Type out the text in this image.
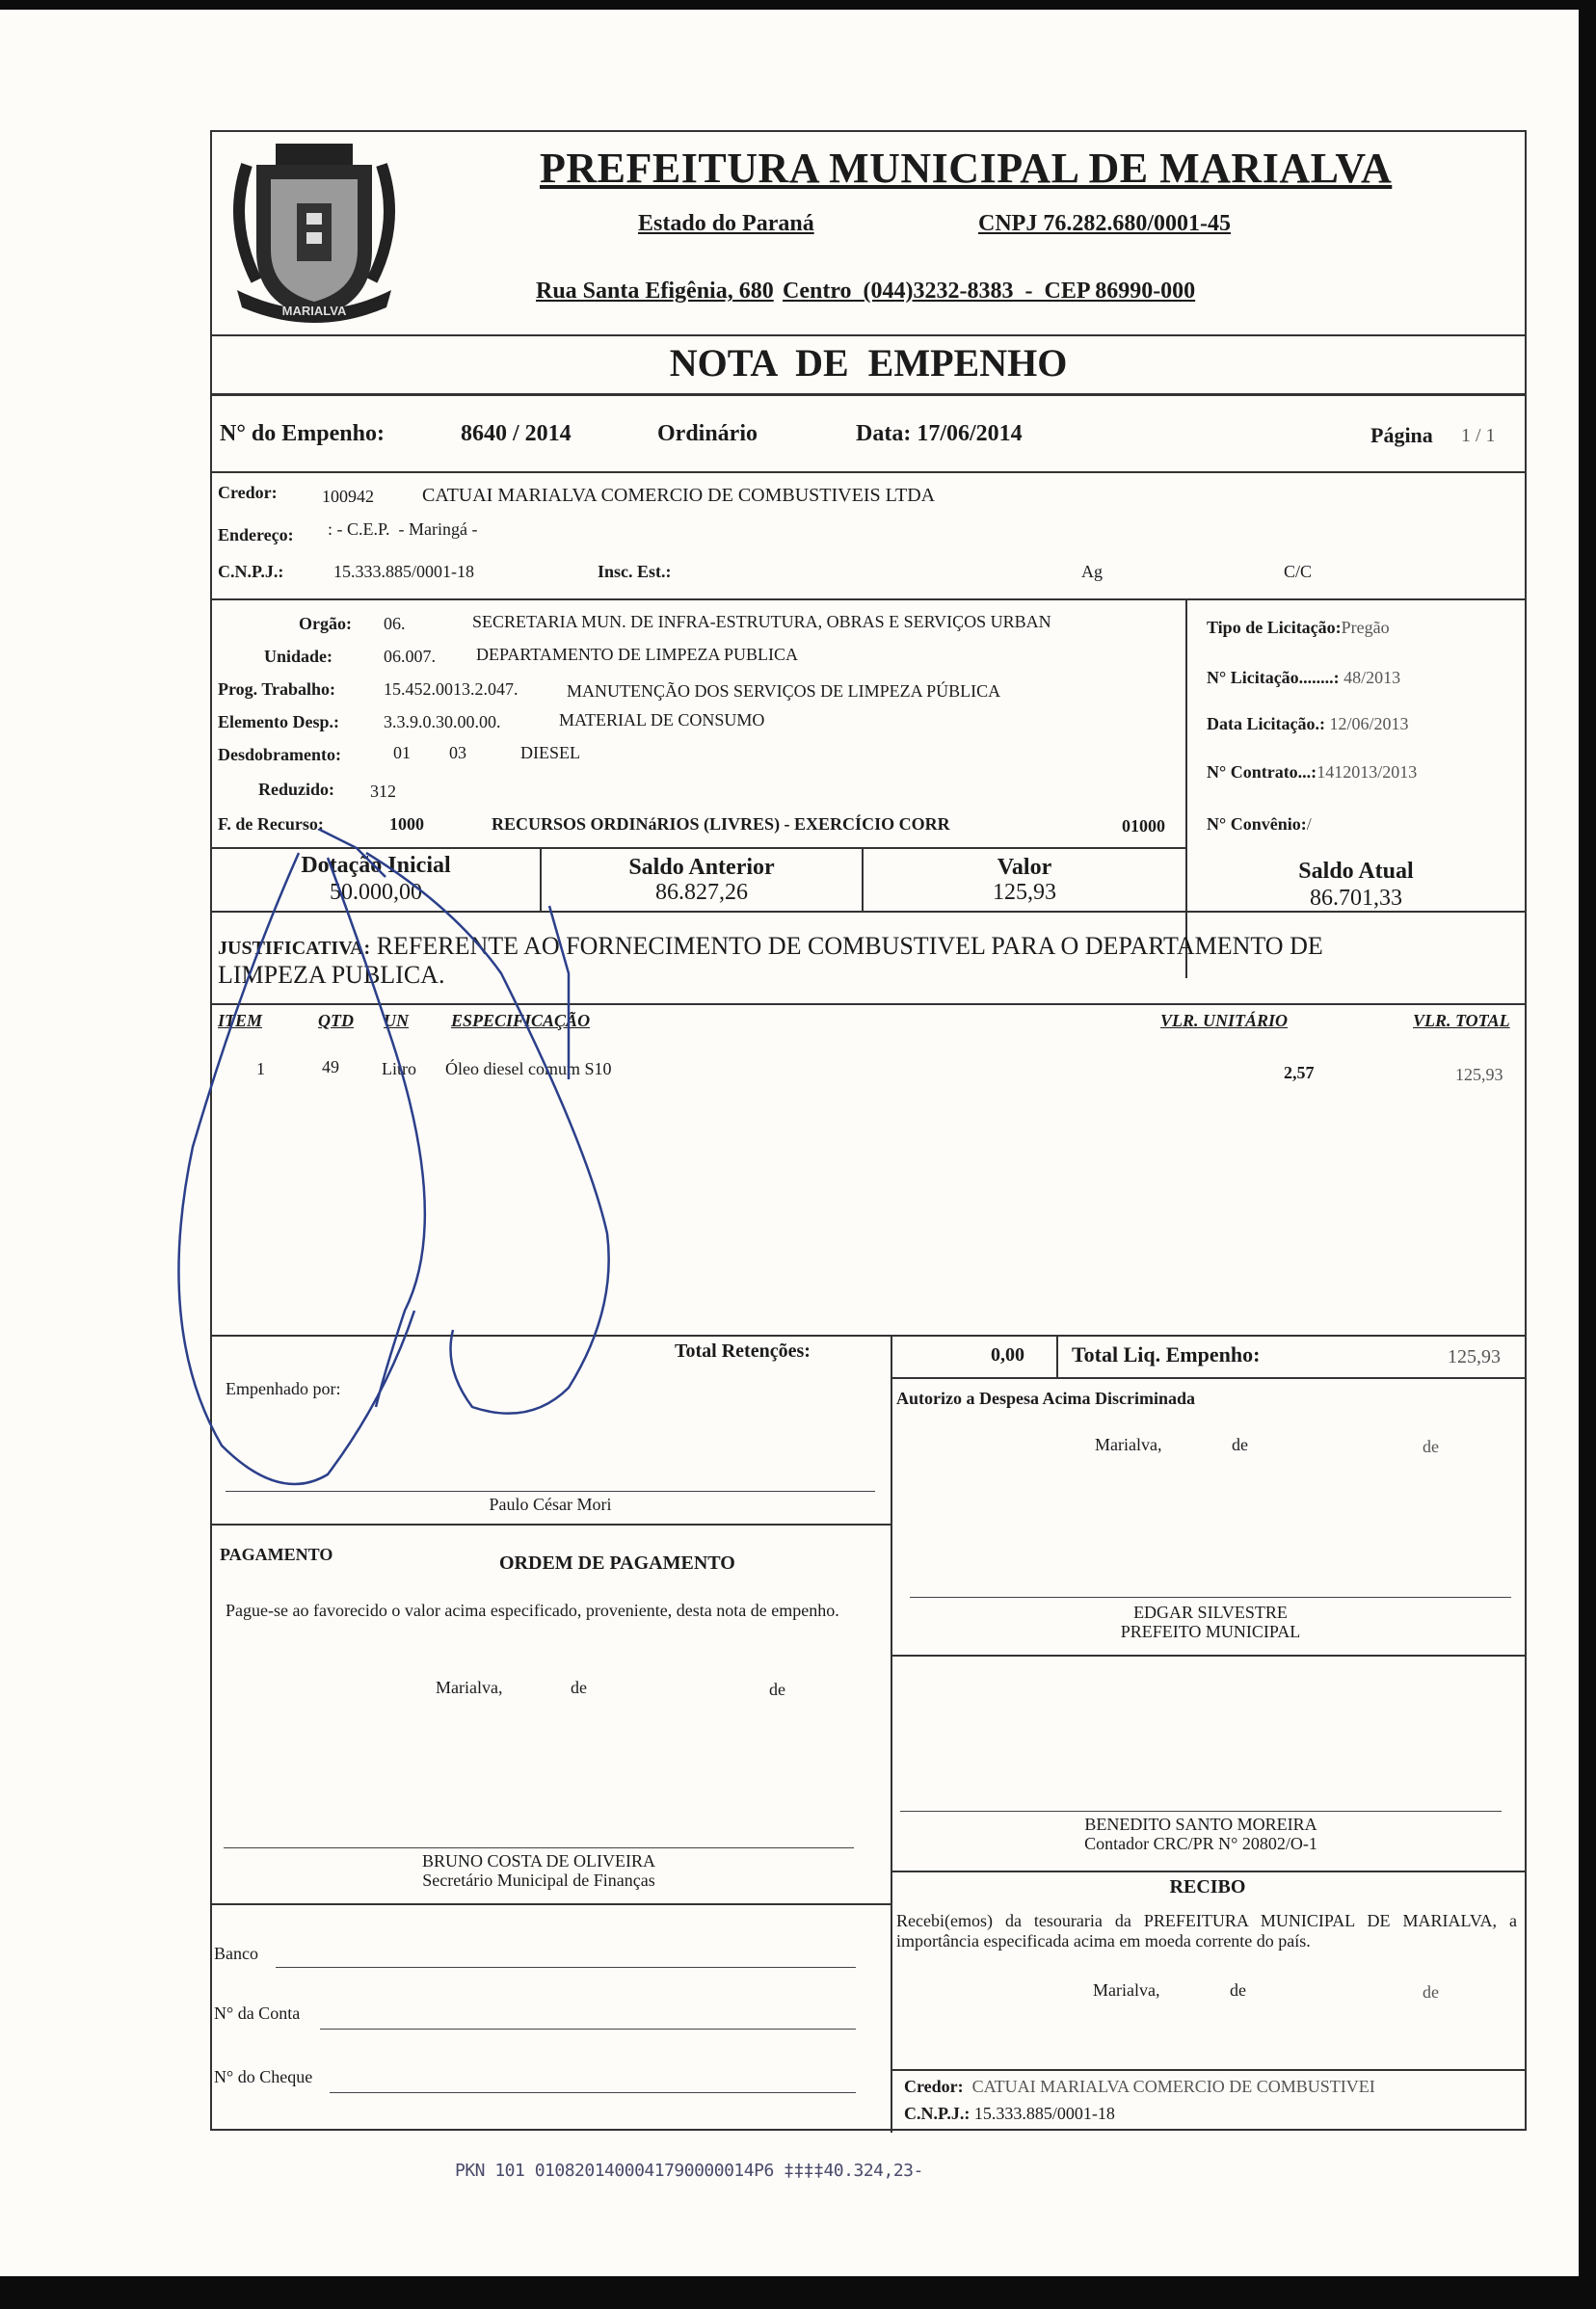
MARIALVA
PREFEITURA MUNICIPAL DE MARIALVA
Estado do Paraná	CNPJ 76.282.680/0001-45
Rua Santa Efigênia, 680 Centro  (044)3232-8383  -  CEP 86990-000
NOTA  DE  EMPENHO
N° do Empenho:	8640 / 2014	Ordinário	Data: 17/06/2014	Página 1 / 1
Credor:	100942	CATUAI MARIALVA COMERCIO DE COMBUSTIVEIS LTDA
Endereço: : - C.E.P.  - Maringá -
C.N.P.J.:	15.333.885/0001-18	Insc. Est.:	Ag	C/C
Orgão: 06.	SECRETARIA MUN. DE INFRA-ESTRUTURA, OBRAS E SERVIÇOS URBAN
Unidade:	06.007. DEPARTAMENTO DE LIMPEZA PUBLICA
Prog. Trabalho:	15.452.0013.2.047.	MANUTENÇÃO DOS SERVIÇOS DE LIMPEZA PÚBLICA
Elemento Desp.:	3.3.9.0.30.00.00.	MATERIAL DE CONSUMO
Desdobramento:	01 03	DIESEL
Reduzido: 312
F. de Recurso:	1000	RECURSOS ORDINáRIOS (LIVRES) - EXERCÍCIO CORR	01000
Tipo de Licitação:Pregão
N° Licitação........: 48/2013
Data Licitação.: 12/06/2013
N° Contrato...:1412013/2013
N° Convênio:/
Dotação Inicial
50.000,00
Saldo Anterior
86.827,26
Valor
125,93
Saldo Atual
86.701,33
JUSTIFICATIVA: REFERENTE AO FORNECIMENTO DE COMBUSTIVEL PARA O DEPARTAMENTO DE
LIMPEZA PUBLICA.
ITEM	QTD UN ESPECIFICAÇÃO	VLR. UNITÁRIO	VLR. TOTAL
1	49 Litro Óleo diesel comum S10	2,57	125,93
Total Retenções:	0,00 Total Liq. Empenho:	125,93
Empenhado por:
Paulo César Mori
Autorizo a Despesa Acima Discriminada
Marialva,	de	de
PAGAMENTO	ORDEM DE PAGAMENTO
Pague-se ao favorecido o valor acima especificado, proveniente, desta nota de empenho.
Marialva,	de	de
EDGAR SILVESTRE
PREFEITO MUNICIPAL
BENEDITO SANTO MOREIRA
Contador CRC/PR N° 20802/O-1
BRUNO COSTA DE OLIVEIRA
Secretário Municipal de Finanças	RECIBO
Recebi(emos) da tesouraria da PREFEITURA MUNICIPAL DE MARIALVA, a importância especificada acima em moeda corrente do país.
Marialva,	de	de
Credor: CATUAI MARIALVA COMERCIO DE COMBUSTIVEI
C.N.P.J.: 15.333.885/0001-18
Banco
N° da Conta
N° do Cheque
PKN 101 0108201400041790000014P6 ‡‡‡‡40.324,23-
